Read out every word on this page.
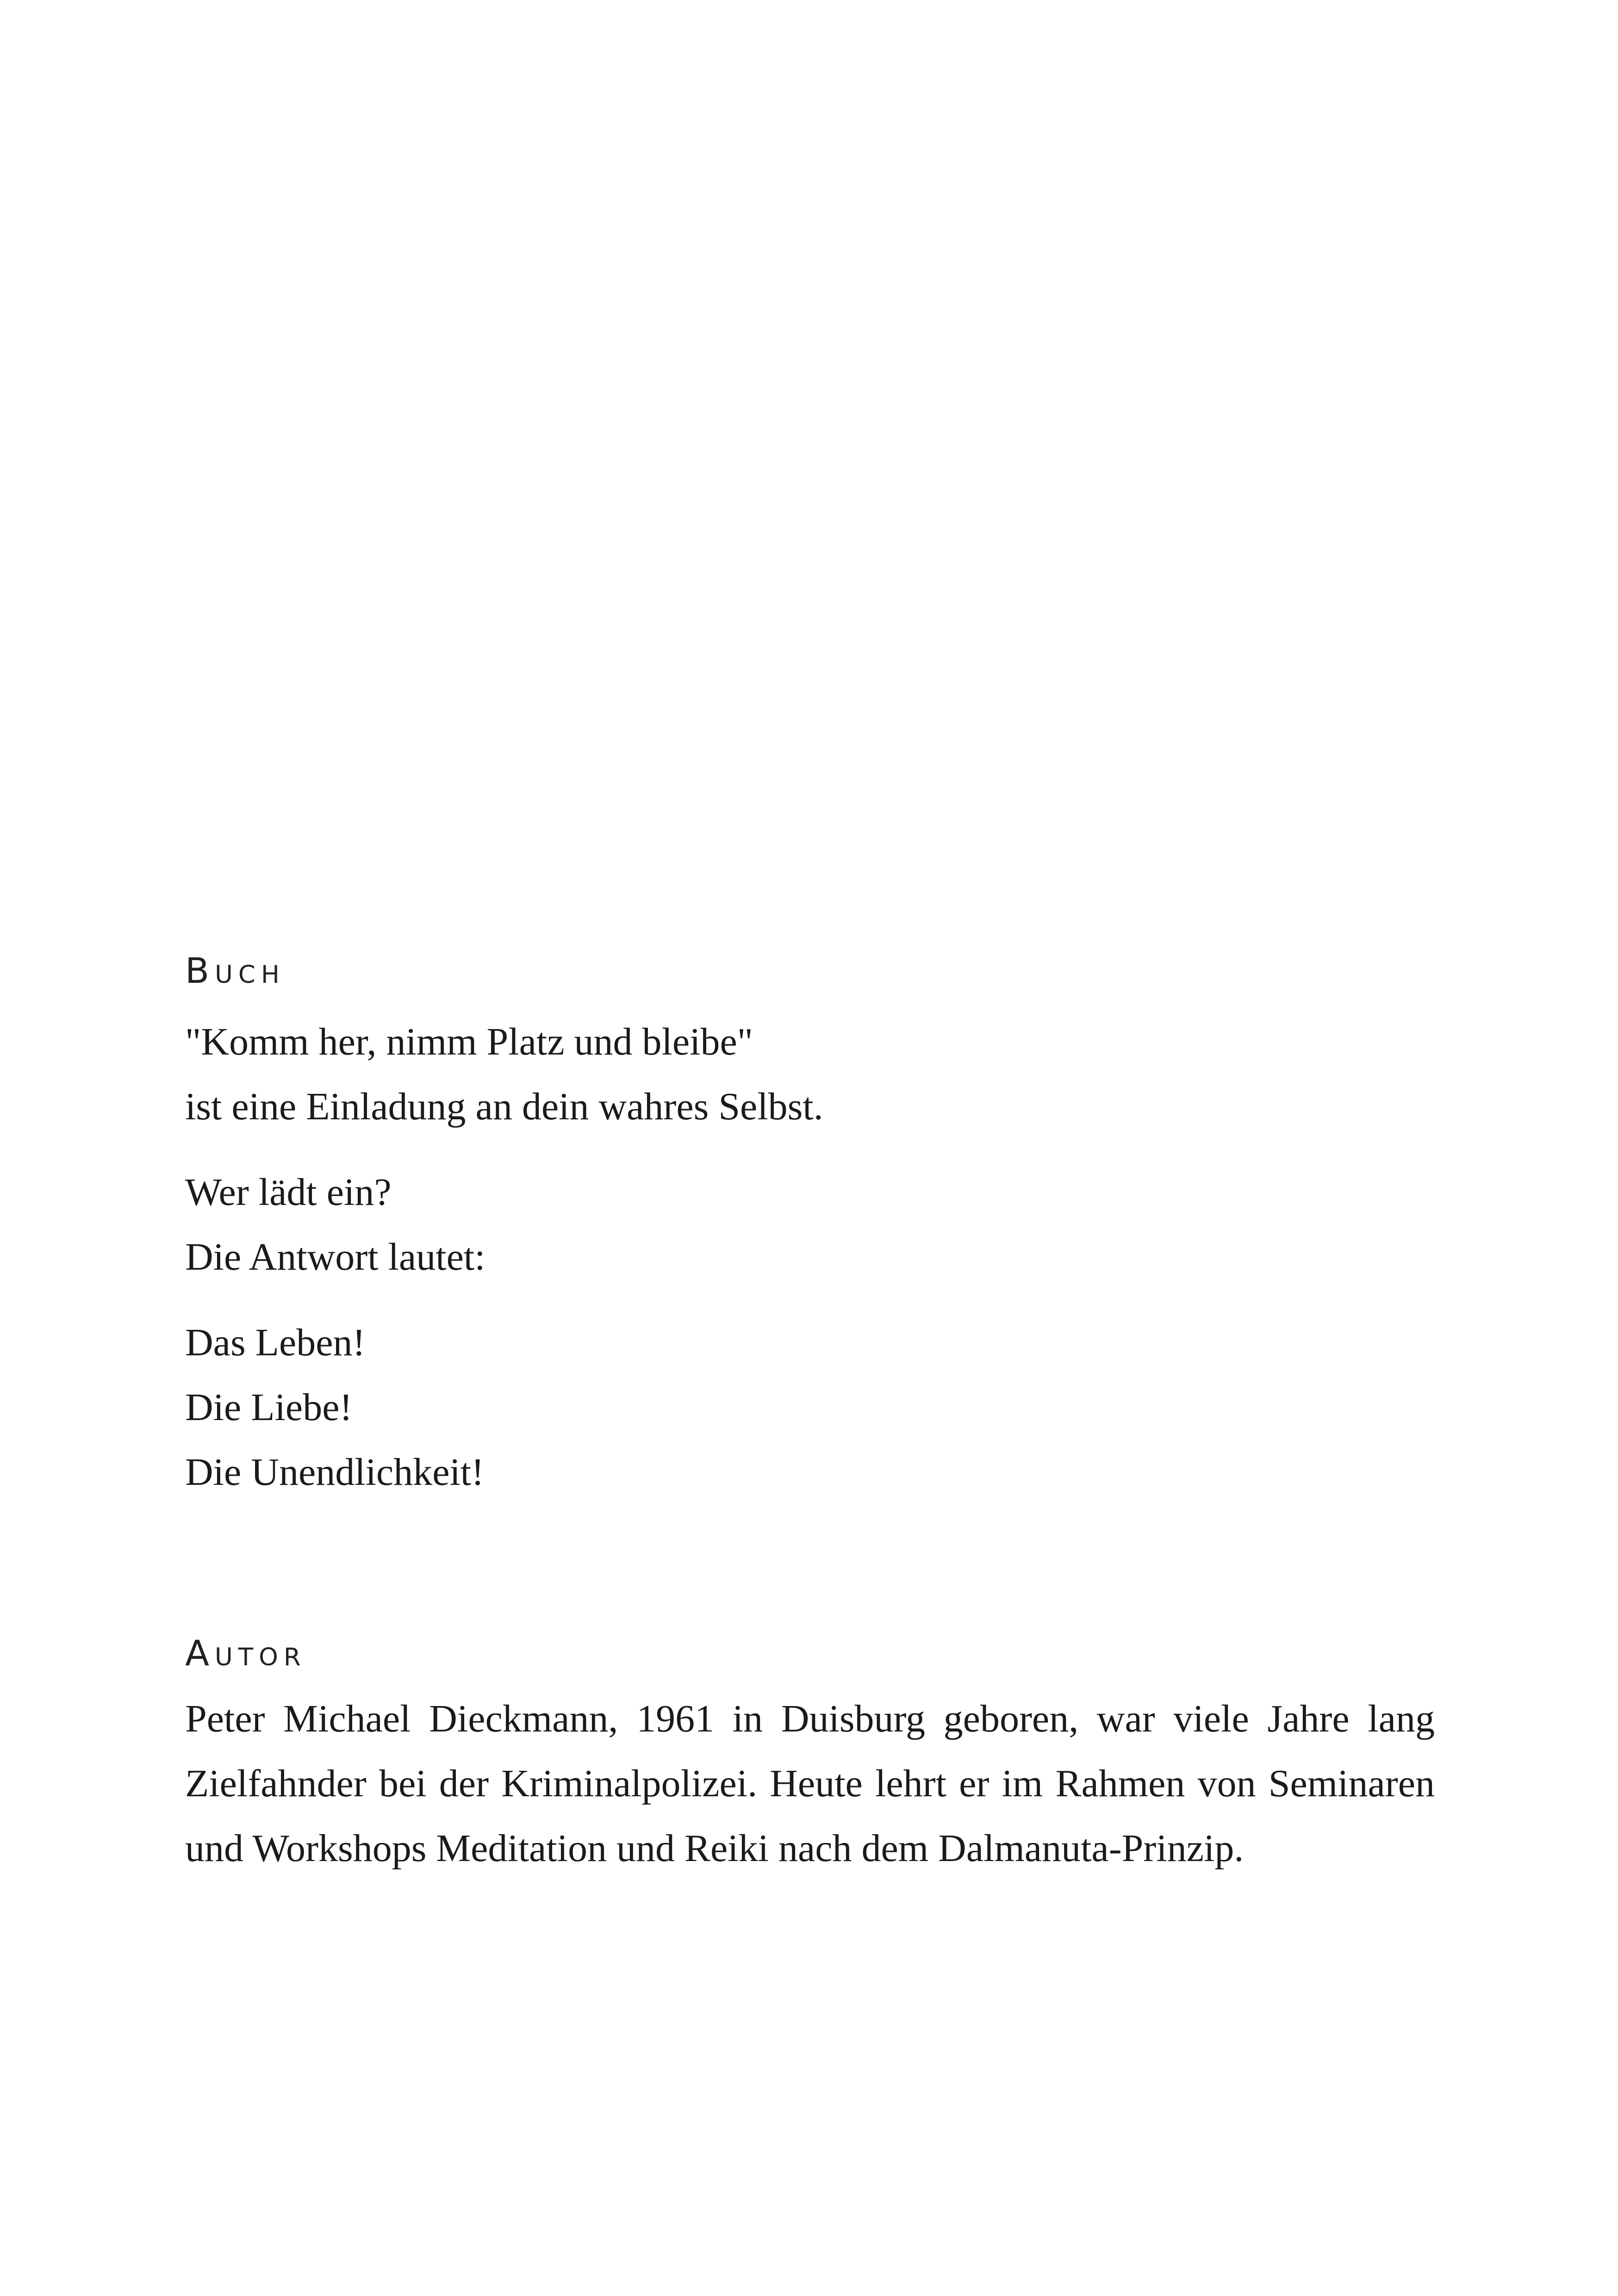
Buch

"Komm her, nimm Platz und bleibe"

ist eine Einladung an dein wahres Selbst.

Wer lädt ein?

Die Antwort lautet:

Das Leben!

Die Liebe!

Die Unendlichkeit!

Autor

Peter Michael Dieckmann, 1961 in Duisburg geboren, war viele Jahre lang Zielfahnder bei der Kriminalpolizei. Heute lehrt er im Rahmen von Seminaren und Workshops Meditation und Reiki nach dem Dalmanuta-Prinzip.
